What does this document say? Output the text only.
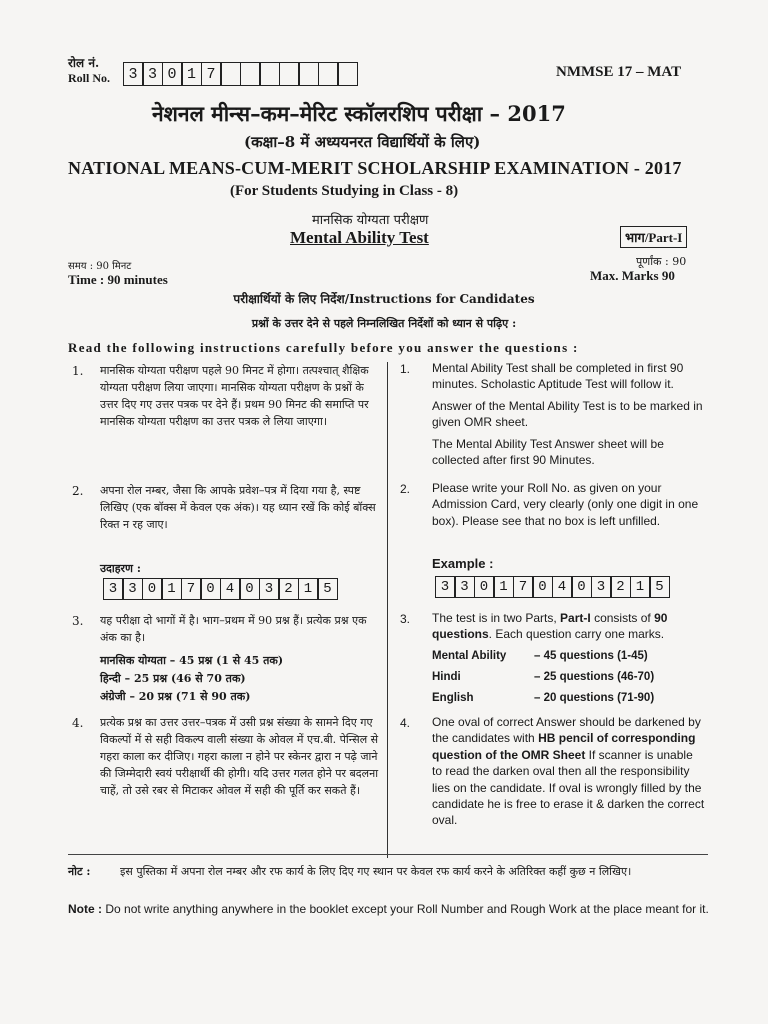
रोल नं.
Roll No.	3 3 0 1 7	NMMSE 17 – MAT
नेशनल मीन्स–कम–मेरिट स्कॉलरशिप परीक्षा – 2017
(कक्षा–8 में अध्ययनरत विद्यार्थियों के लिए)
NATIONAL MEANS-CUM-MERIT SCHOLARSHIP EXAMINATION - 2017
(For Students Studying in Class - 8)
मानसिक योग्यता परीक्षण
Mental Ability Test	भाग/Part-I
समय : 90 मिनट
Time : 90 minutes
पूर्णांक : 90
Max. Marks 90
परीक्षार्थियों के लिए निर्देश/Instructions for Candidates
प्रश्नों के उत्तर देने से पहले निम्नलिखित निर्देशों को ध्यान से पढ़िए :
Read the following instructions carefully before you answer the questions :
1. मानसिक योग्यता परीक्षण पहले 90 मिनट में होगा। तत्पश्चात् शैक्षिक योग्यता परीक्षण लिया जाएगा। मानसिक योग्यता परीक्षण के प्रश्नों के उत्तर दिए गए उत्तर पत्रक पर देने हैं। प्रथम 90 मिनट की समाप्ति पर मानसिक योग्यता परीक्षण का उत्तर पत्रक ले लिया जाएगा।
2. अपना रोल नम्बर, जैसा कि आपके प्रवेश–पत्र में दिया गया है, स्पष्ट लिखिए (एक बॉक्स में केवल एक अंक)। यह ध्यान रखें कि कोई बॉक्स रिक्त न रह जाए।
उदाहरण :
3 3 0 1 7 0 4 0 3 2 1 5
3. यह परीक्षा दो भागों में है। भाग–प्रथम में 90 प्रश्न हैं। प्रत्येक प्रश्न एक अंक का है।
मानसिक योग्यता – 45 प्रश्न (1 से 45 तक)
हिन्दी – 25 प्रश्न (46 से 70 तक)
अंग्रेजी – 20 प्रश्न (71 से 90 तक)
4. प्रत्येक प्रश्न का उत्तर उत्तर–पत्रक में उसी प्रश्न संख्या के सामने दिए गए विकल्पों में से सही विकल्प वाली संख्या के ओवल में एच.बी. पेन्सिल से गहरा काला कर दीजिए। गहरा काला न होने पर स्केनर द्वारा न पढ़े जाने की जिम्मेदारी स्वयं परीक्षार्थी की होगी। यदि उत्तर गलत होने पर बदलना चाहें, तो उसे रबर से मिटाकर ओवल में सही की पूर्ति कर सकते हैं।
1. Mental Ability Test shall be completed in first 90 minutes. Scholastic Aptitude Test will follow it.
Answer of the Mental Ability Test is to be marked in given OMR sheet.
The Mental Ability Test Answer sheet will be collected after first 90 Minutes.
2. Please write your Roll No. as given on your Admission Card, very clearly (only one digit in one box). Please see that no box is left unfilled.
Example :
3 3 0 1 7 0 4 0 3 2 1 5
3. The test is in two Parts, Part-I consists of 90 questions. Each question carry one marks.
Mental Ability	– 45 questions (1-45)
Hindi	– 25 questions (46-70)
English	– 20 questions (71-90)
4. One oval of correct Answer should be darkened by the candidates with HB pencil of corresponding question of the OMR Sheet If scanner is unable to read the darken oval then all the responsibility lies on the candidate. If oval is wrongly filled by the candidate he is free to erase it & darken the correct oval.
नोट :	इस पुस्तिका में अपना रोल नम्बर और रफ कार्य के लिए दिए गए स्थान पर केवल रफ कार्य करने के अतिरिक्त कहीं कुछ न लिखिए।
Note : Do not write anything anywhere in the booklet except your Roll Number and Rough Work at the place meant for it.
